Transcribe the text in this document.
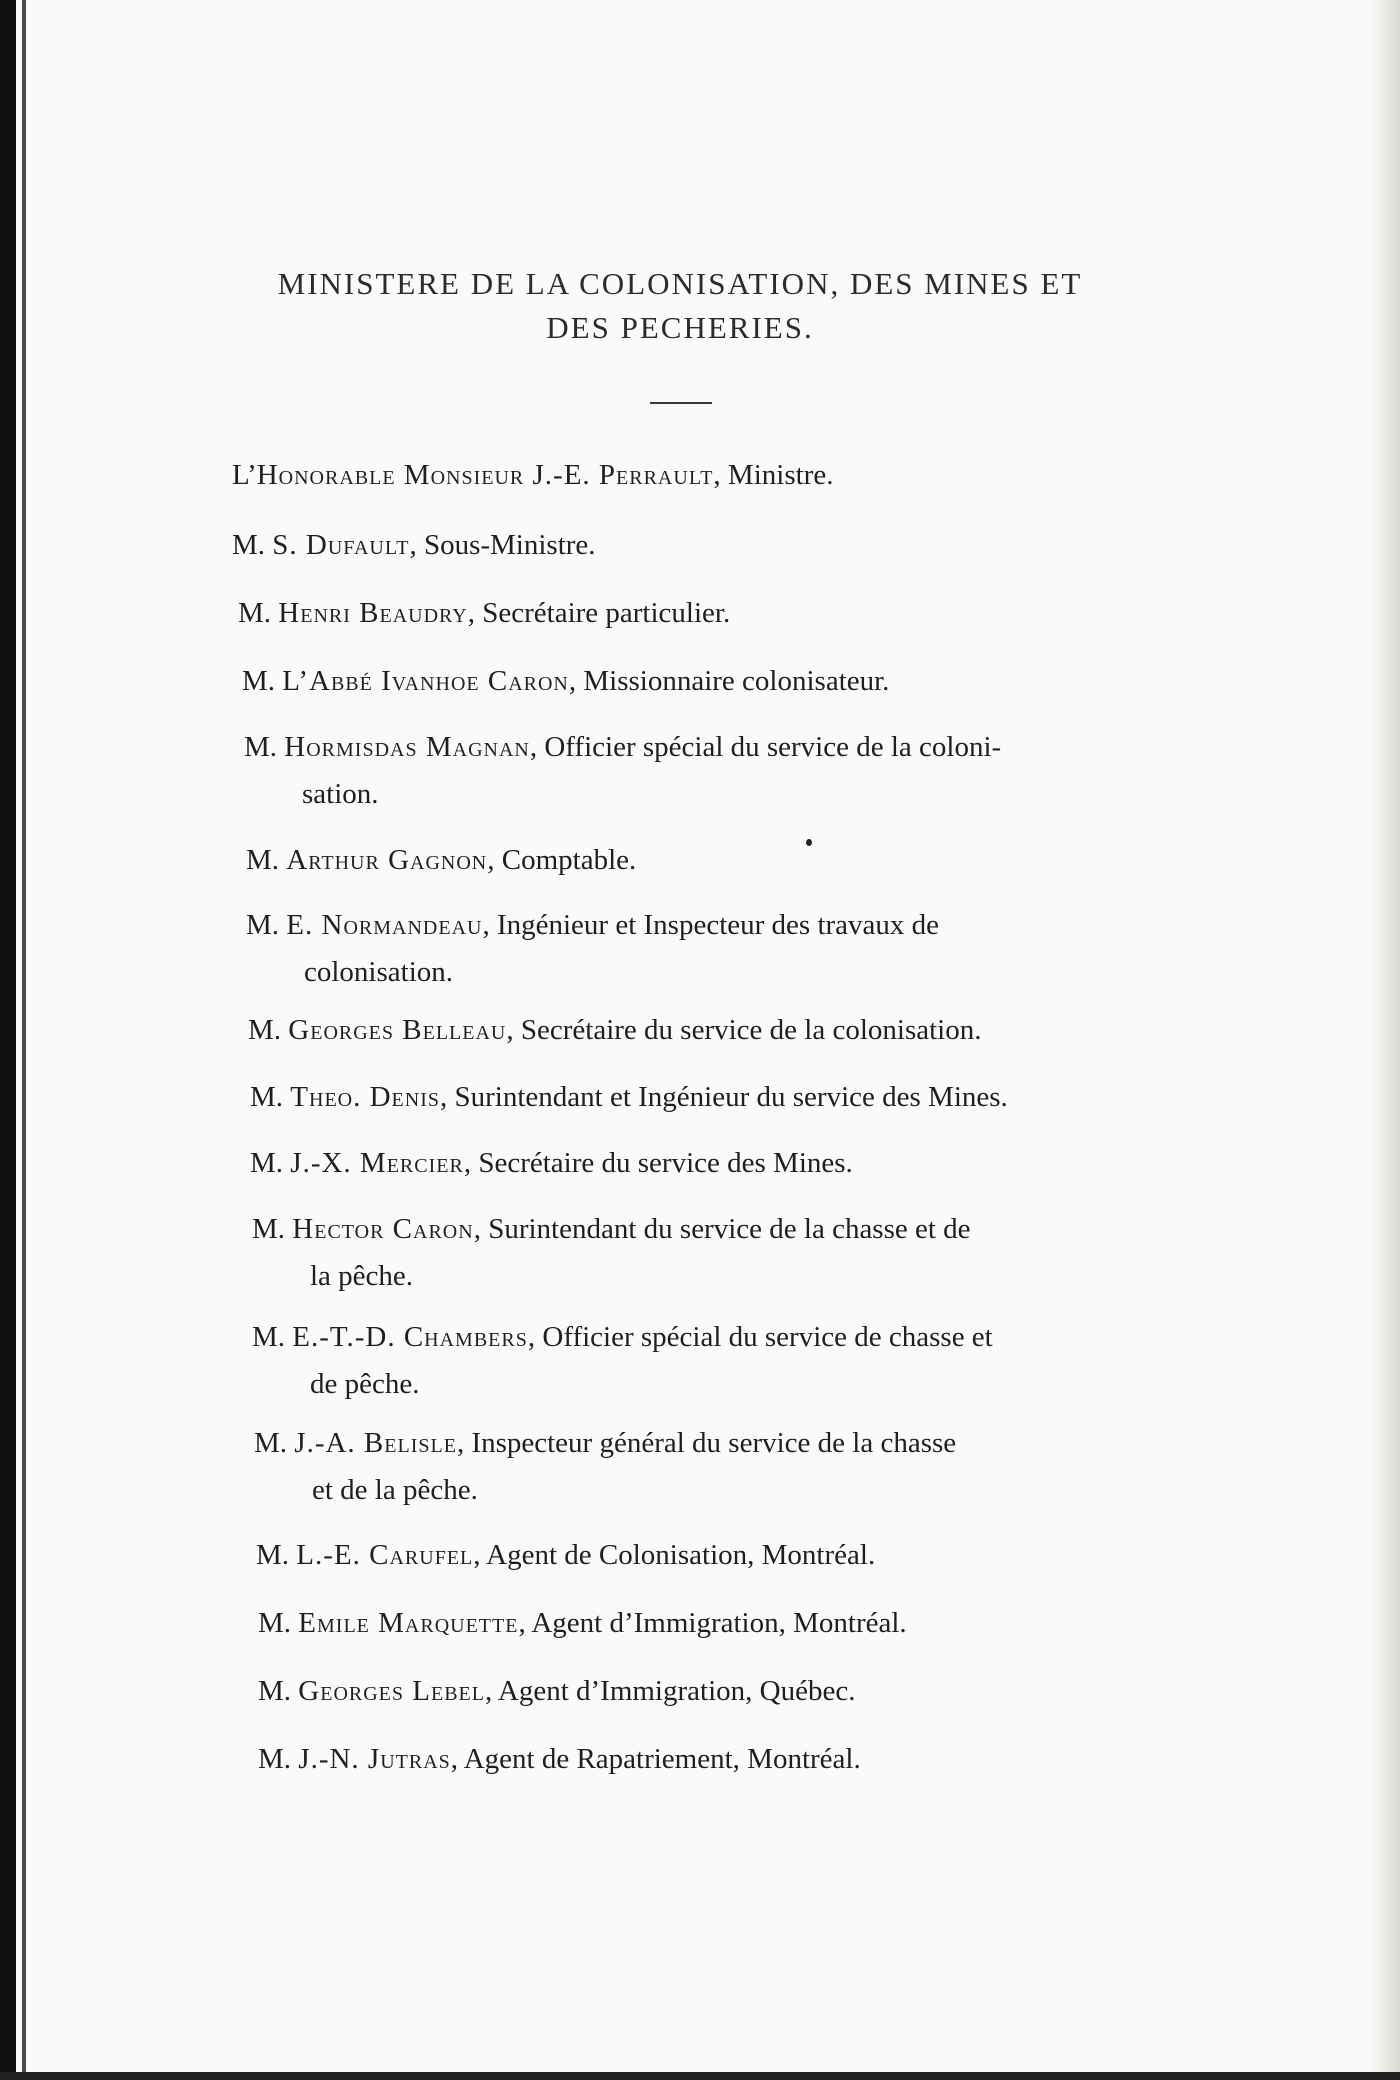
MINISTERE DE LA COLONISATION, DES MINES ET
DES PECHERIES.
L’Honorable Monsieur J.-E. Perrault, Ministre.
M. S. Dufault, Sous-Ministre.
M. Henri Beaudry, Secrétaire particulier.
M. L’Abbé Ivanhoe Caron, Missionnaire colonisateur.
M. Hormisdas Magnan, Officier spécial du service de la coloni-
sation.
M. Arthur Gagnon, Comptable.
M. E. Normandeau, Ingénieur et Inspecteur des travaux de
colonisation.
M. Georges Belleau, Secrétaire du service de la colonisation.
M. Theo. Denis, Surintendant et Ingénieur du service des Mines.
M. J.-X. Mercier, Secrétaire du service des Mines.
M. Hector Caron, Surintendant du service de la chasse et de
la pêche.
M. E.-T.-D. Chambers, Officier spécial du service de chasse et
de pêche.
M. J.-A. Belisle, Inspecteur général du service de la chasse
et de la pêche.
M. L.-E. Carufel, Agent de Colonisation, Montréal.
M. Emile Marquette, Agent d’Immigration, Montréal.
M. Georges Lebel, Agent d’Immigration, Québec.
M. J.-N. Jutras, Agent de Rapatriement, Montréal.
